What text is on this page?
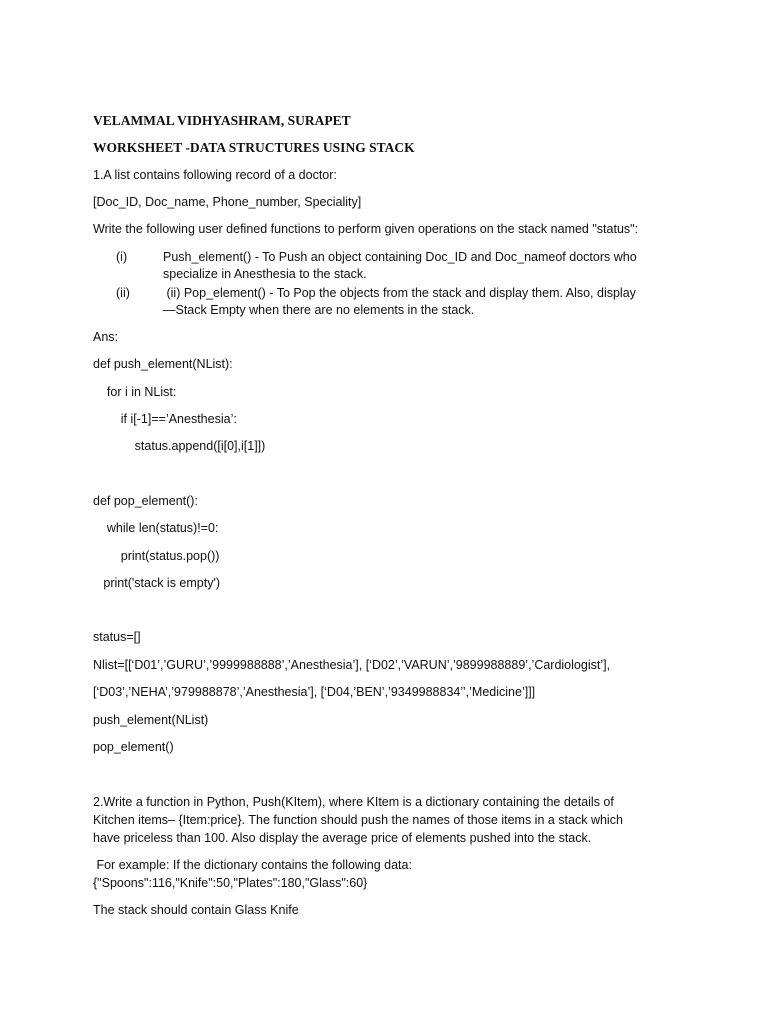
VELAMMAL VIDHYASHRAM, SURAPET
WORKSHEET -DATA STRUCTURES USING STACK
1.A list contains following record of a doctor:
[Doc_ID, Doc_name, Phone_number, Speciality]
Write the following user defined functions to perform given operations on the stack named "status":
(i)	Push_element() - To Push an object containing Doc_ID and Doc_nameof doctors who
specialize in Anesthesia to the stack.
(ii)	(ii) Pop_element() - To Pop the objects from the stack and display them. Also, display
—Stack Empty when there are no elements in the stack.
Ans:
def push_element(NList):
for i in NList:
if i[-1]==’Anesthesia’:
status.append([i[0],i[1]])
def pop_element():
while len(status)!=0:
print(status.pop())
print('stack is empty')
status=[]
Nlist=[[‘D01’,’GURU’,’9999988888’,’Anesthesia’], [‘D02’,’VARUN’,’9899988889’,’Cardiologist’],
[‘D03’,’NEHA’,’979988878’,’Anesthesia’], [‘D04,’BEN’,’9349988834’’,’Medicine’]]]
push_element(NList)
pop_element()
2.Write a function in Python, Push(KItem), where KItem is a dictionary containing the details of
Kitchen items– {Item:price}. The function should push the names of those items in a stack which
have priceless than 100. Also display the average price of elements pushed into the stack.
For example: If the dictionary contains the following data:
{"Spoons":116,"Knife":50,"Plates":180,"Glass":60}
The stack should contain Glass Knife
